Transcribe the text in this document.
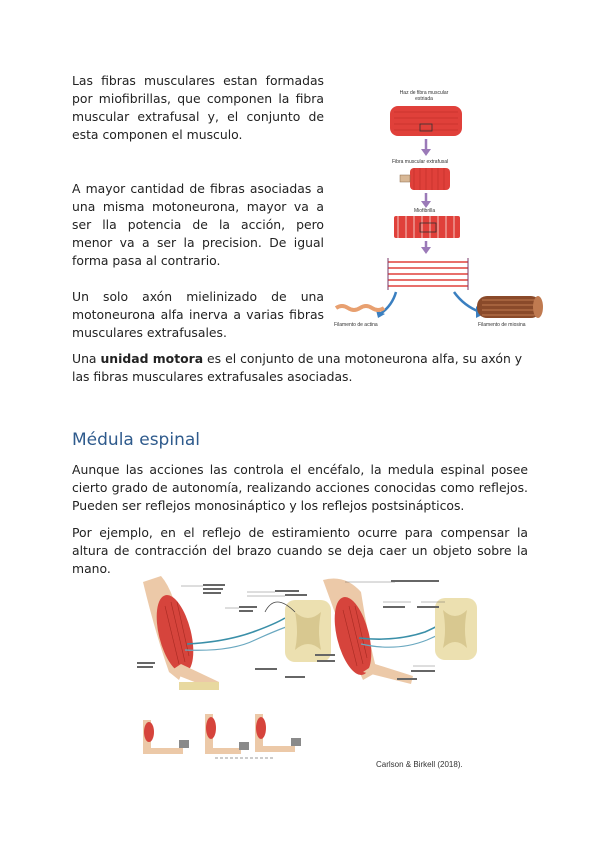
Las fibras musculares estan formadas por miofibrillas, que componen la fibra muscular extrafusal y, el conjunto de esta componen el musculo.

A mayor cantidad de fibras asociadas a una misma motoneurona, mayor va a ser lla potencia de la acción, pero menor va a ser la precision. De igual forma pasa al contrario.

Un solo axón mielinizado de una motoneurona alfa inerva a varias fibras musculares extrafusales.

Una unidad motora es el conjunto de una motoneurona alfa, su axón y las fibras musculares extrafusales asociadas.

Médula espinal

Aunque las acciones las controla el encéfalo, la medula espinal posee cierto grado de autonomía, realizando acciones conocidas como reflejos. Pueden ser reflejos monosináptico y los reflejos postsinápticos.

Por ejemplo, en el reflejo de estiramiento ocurre para compensar la altura de contracción del brazo cuando se deja caer un objeto sobre la mano.

Haz de fibra muscular estriada
Fibra muscular extrafusal
Miofibrilla
Filamento de actina	Filamento de miosina
Carlson & Birkell (2018).
